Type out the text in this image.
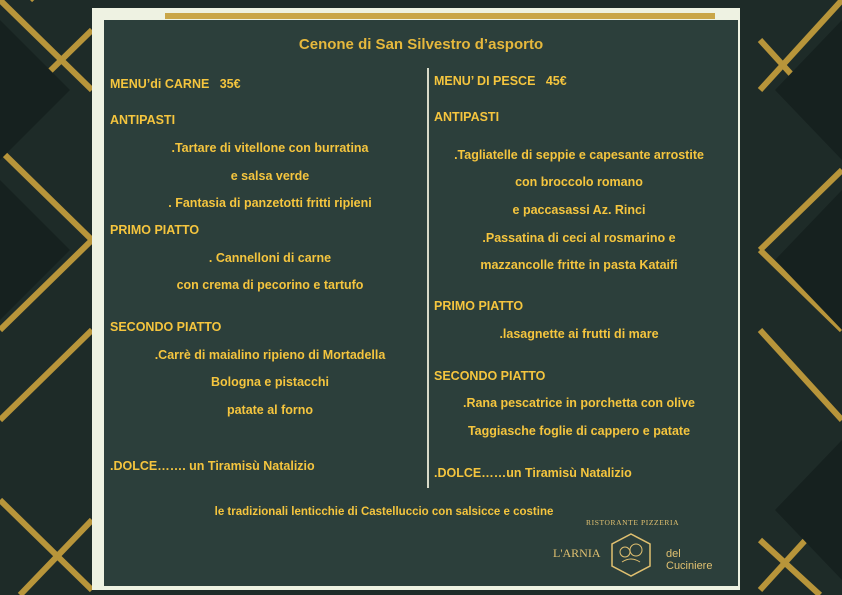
Cenone di San Silvestro d’asporto
MENU’di CARNE 35€
ANTIPASTI
.Tartare di vitellone con burratina
e salsa verde
. Fantasia di panzetotti fritti ripieni
PRIMO PIATTO
. Cannelloni di carne
con crema di pecorino e tartufo
SECONDO PIATTO
.Carrè di maialino ripieno di Mortadella
Bologna e pistacchi
patate al forno
.DOLCE……. un Tiramisù Natalizio
MENU’ DI PESCE 45€
ANTIPASTI
.Tagliatelle di seppie e capesante arrostite
con broccolo romano
e paccasassi Az. Rinci
.Passatina di ceci al rosmarino e
mazzancolle fritte in pasta Kataifi
PRIMO PIATTO
.lasagnette ai frutti di mare
SECONDO PIATTO
.Rana pescatrice in porchetta con olive
Taggiasche foglie di cappero e patate
.DOLCE……un Tiramisù Natalizio
le tradizionali lenticchie di Castelluccio con salsicce e costine
RISTORANTE PIZZERIA
L'ARNIA	del Cuciniere
